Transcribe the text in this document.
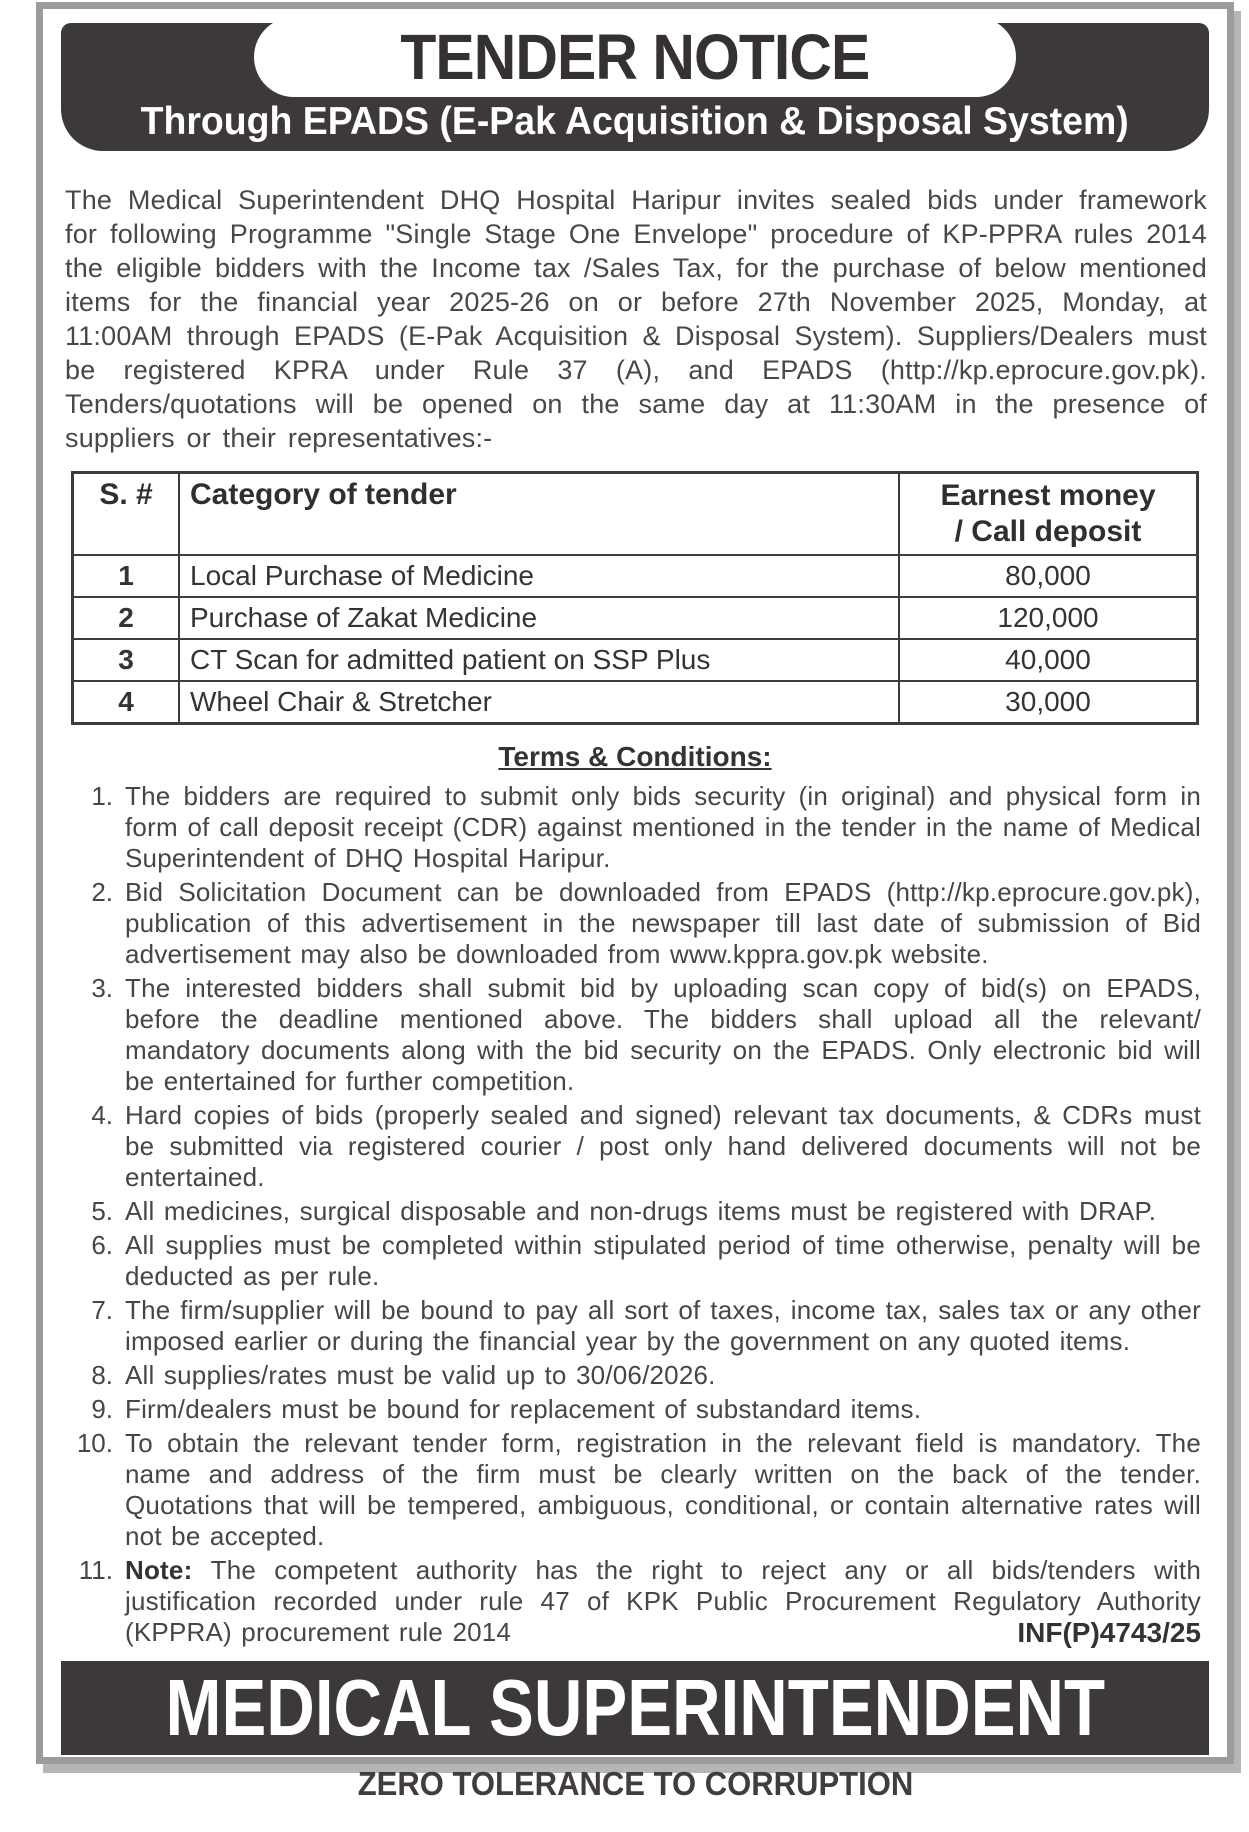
TENDER NOTICE
Through EPADS (E-Pak Acquisition & Disposal System)
The Medical Superintendent DHQ Hospital Haripur invites sealed bids under framework for following Programme "Single Stage One Envelope" procedure of KP-PPRA rules 2014 the eligible bidders with the Income tax /Sales Tax, for the purchase of below mentioned items for the financial year 2025-26 on or before 27th November 2025, Monday, at 11:00AM through EPADS (E-Pak Acquisition & Disposal System). Suppliers/Dealers must be registered KPRA under Rule 37 (A), and EPADS (http://kp.eprocure.gov.pk). Tenders/quotations will be opened on the same day at 11:30AM in the presence of suppliers or their representatives:-
S. #	Category of tender	Earnest money
/ Call deposit

1	Local Purchase of Medicine	80,000
2	Purchase of Zakat Medicine	120,000
3	CT Scan for admitted patient on SSP Plus	40,000
4	Wheel Chair & Stretcher	30,000
Terms & Conditions:
1. The bidders are required to submit only bids security (in original) and physical form in form of call deposit receipt (CDR) against mentioned in the tender in the name of Medical Superintendent of DHQ Hospital Haripur.
2. Bid Solicitation Document can be downloaded from EPADS (http://kp.eprocure.gov.pk), publication of this advertisement in the newspaper till last date of submission of Bid advertisement may also be downloaded from www.kppra.gov.pk website.
3. The interested bidders shall submit bid by uploading scan copy of bid(s) on EPADS, before the deadline mentioned above. The bidders shall upload all the relevant/ mandatory documents along with the bid security on the EPADS. Only electronic bid will be entertained for further competition.
4. Hard copies of bids (properly sealed and signed) relevant tax documents, & CDRs must be submitted via registered courier / post only hand delivered documents will not be entertained.
5. All medicines, surgical disposable and non-drugs items must be registered with DRAP.
6. All supplies must be completed within stipulated period of time otherwise, penalty will be deducted as per rule.
7. The firm/supplier will be bound to pay all sort of taxes, income tax, sales tax or any other imposed earlier or during the financial year by the government on any quoted items.
8. All supplies/rates must be valid up to 30/06/2026.
9. Firm/dealers must be bound for replacement of substandard items.
10. To obtain the relevant tender form, registration in the relevant field is mandatory. The name and address of the firm must be clearly written on the back of the tender. Quotations that will be tempered, ambiguous, conditional, or contain alternative rates will not be accepted.
11. Note: The competent authority has the right to reject any or all bids/tenders with justification recorded under rule 47 of KPK Public Procurement Regulatory Authority (KPPRA) procurement rule 2014	INF(P)4743/25
MEDICAL SUPERINTENDENT
ZERO TOLERANCE TO CORRUPTION
